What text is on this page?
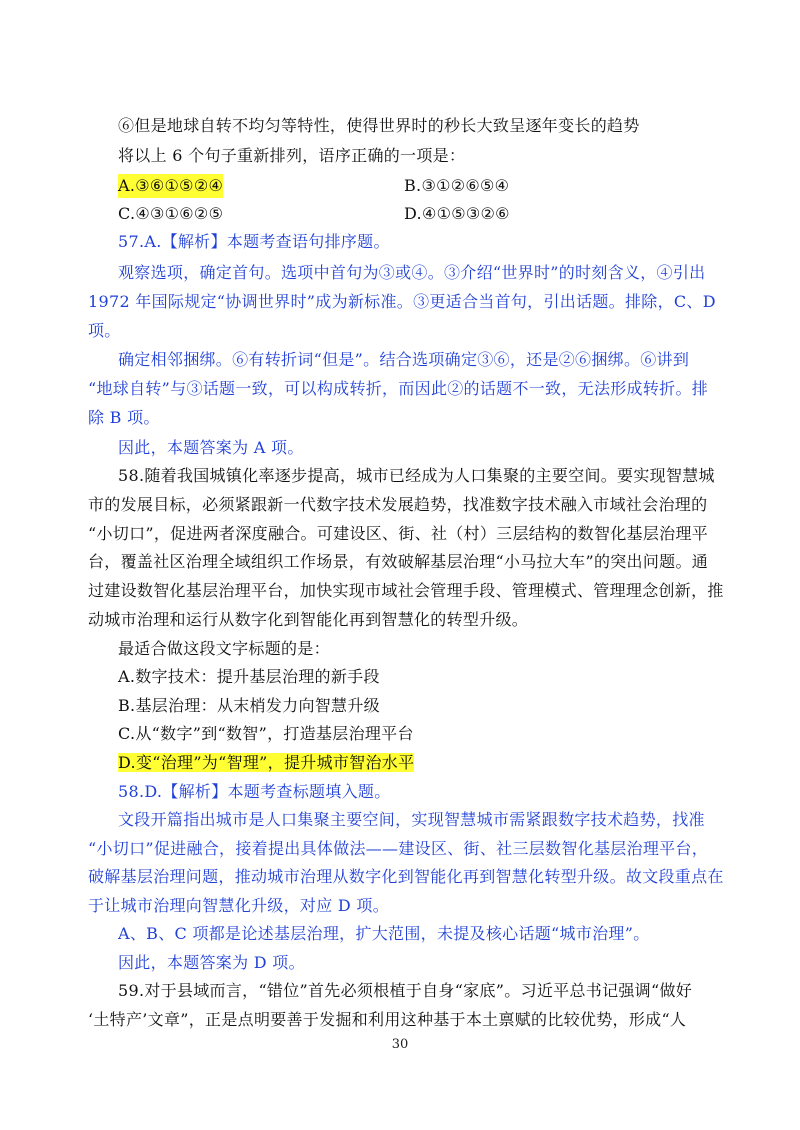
⑥但是地球自转不均匀等特性，使得世界时的秒长大致呈逐年变长的趋势
将以上 6 个句子重新排列，语序正确的一项是：
A.③⑥①⑤②④	B.③①②⑥⑤④
C.④③①⑥②⑤	D.④①⑤③②⑥
57.A.【解析】本题考查语句排序题。
观察选项，确定首句。选项中首句为③或④。③介绍“世界时”的时刻含义，④引出
1972 年国际规定“协调世界时”成为新标准。③更适合当首句，引出话题。排除，C、D
项。
确定相邻捆绑。⑥有转折词“但是”。结合选项确定③⑥，还是②⑥捆绑。⑥讲到
“地球自转”与③话题一致，可以构成转折，而因此②的话题不一致，无法形成转折。排
除 B 项。
因此，本题答案为 A 项。
58.随着我国城镇化率逐步提高，城市已经成为人口集聚的主要空间。要实现智慧城
市的发展目标，必须紧跟新一代数字技术发展趋势，找准数字技术融入市域社会治理的
“小切口”，促进两者深度融合。可建设区、街、社（村）三层结构的数智化基层治理平
台，覆盖社区治理全域组织工作场景，有效破解基层治理“小马拉大车”的突出问题。通
过建设数智化基层治理平台，加快实现市域社会管理手段、管理模式、管理理念创新，推
动城市治理和运行从数字化到智能化再到智慧化的转型升级。
最适合做这段文字标题的是：
A.数字技术：提升基层治理的新手段
B.基层治理：从末梢发力向智慧升级
C.从“数字”到“数智”，打造基层治理平台
D.变“治理”为“智理”，提升城市智治水平
58.D.【解析】本题考查标题填入题。
文段开篇指出城市是人口集聚主要空间，实现智慧城市需紧跟数字技术趋势，找准
“小切口”促进融合，接着提出具体做法——建设区、街、社三层数智化基层治理平台，
破解基层治理问题，推动城市治理从数字化到智能化再到智慧化转型升级。故文段重点在
于让城市治理向智慧化升级，对应 D 项。
A、B、C 项都是论述基层治理，扩大范围，未提及核心话题“城市治理”。
因此，本题答案为 D 项。
59.对于县域而言，“错位”首先必须根植于自身“家底”。习近平总书记强调“做好
‘土特产’文章”，正是点明要善于发掘和利用这种基于本土禀赋的比较优势，形成“人
30
